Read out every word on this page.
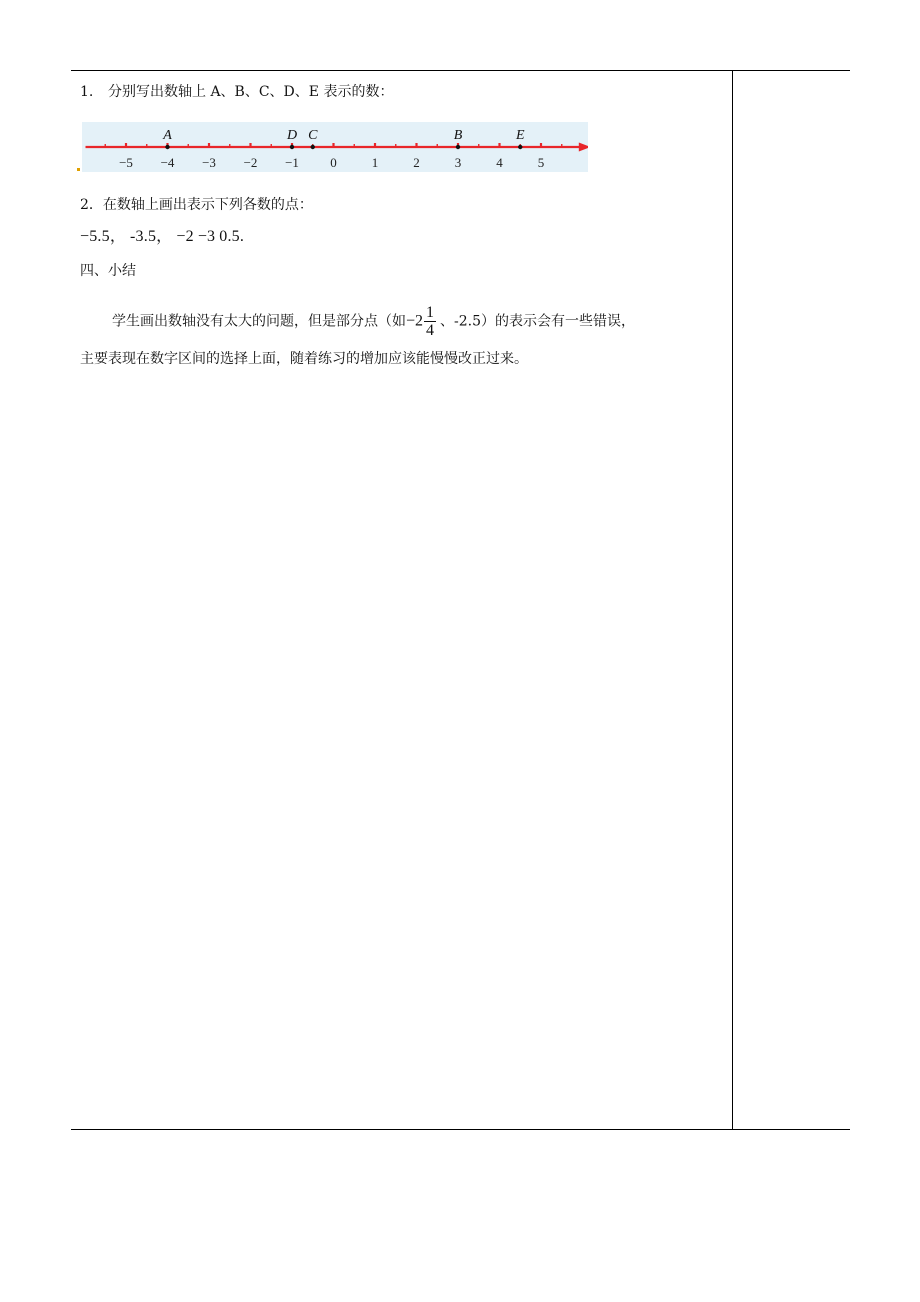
1. 分别写出数轴上 A、B、C、D、E 表示的数：
2．在数轴上画出表示下列各数的点：
−5.5， -3.5， −2 −3 0.5.
四、小结
学生画出数轴没有太大的问题，但是部分点（如$-2 \frac{1}{4}$ 、-2.5）的表示会有一些错误，
主要表现在数字区间的选择上面，随着练习的增加应该能慢慢改正过来。
−5 −4 −3 −2 −1 0	1	2	3	4	5
A	D C	B	E
